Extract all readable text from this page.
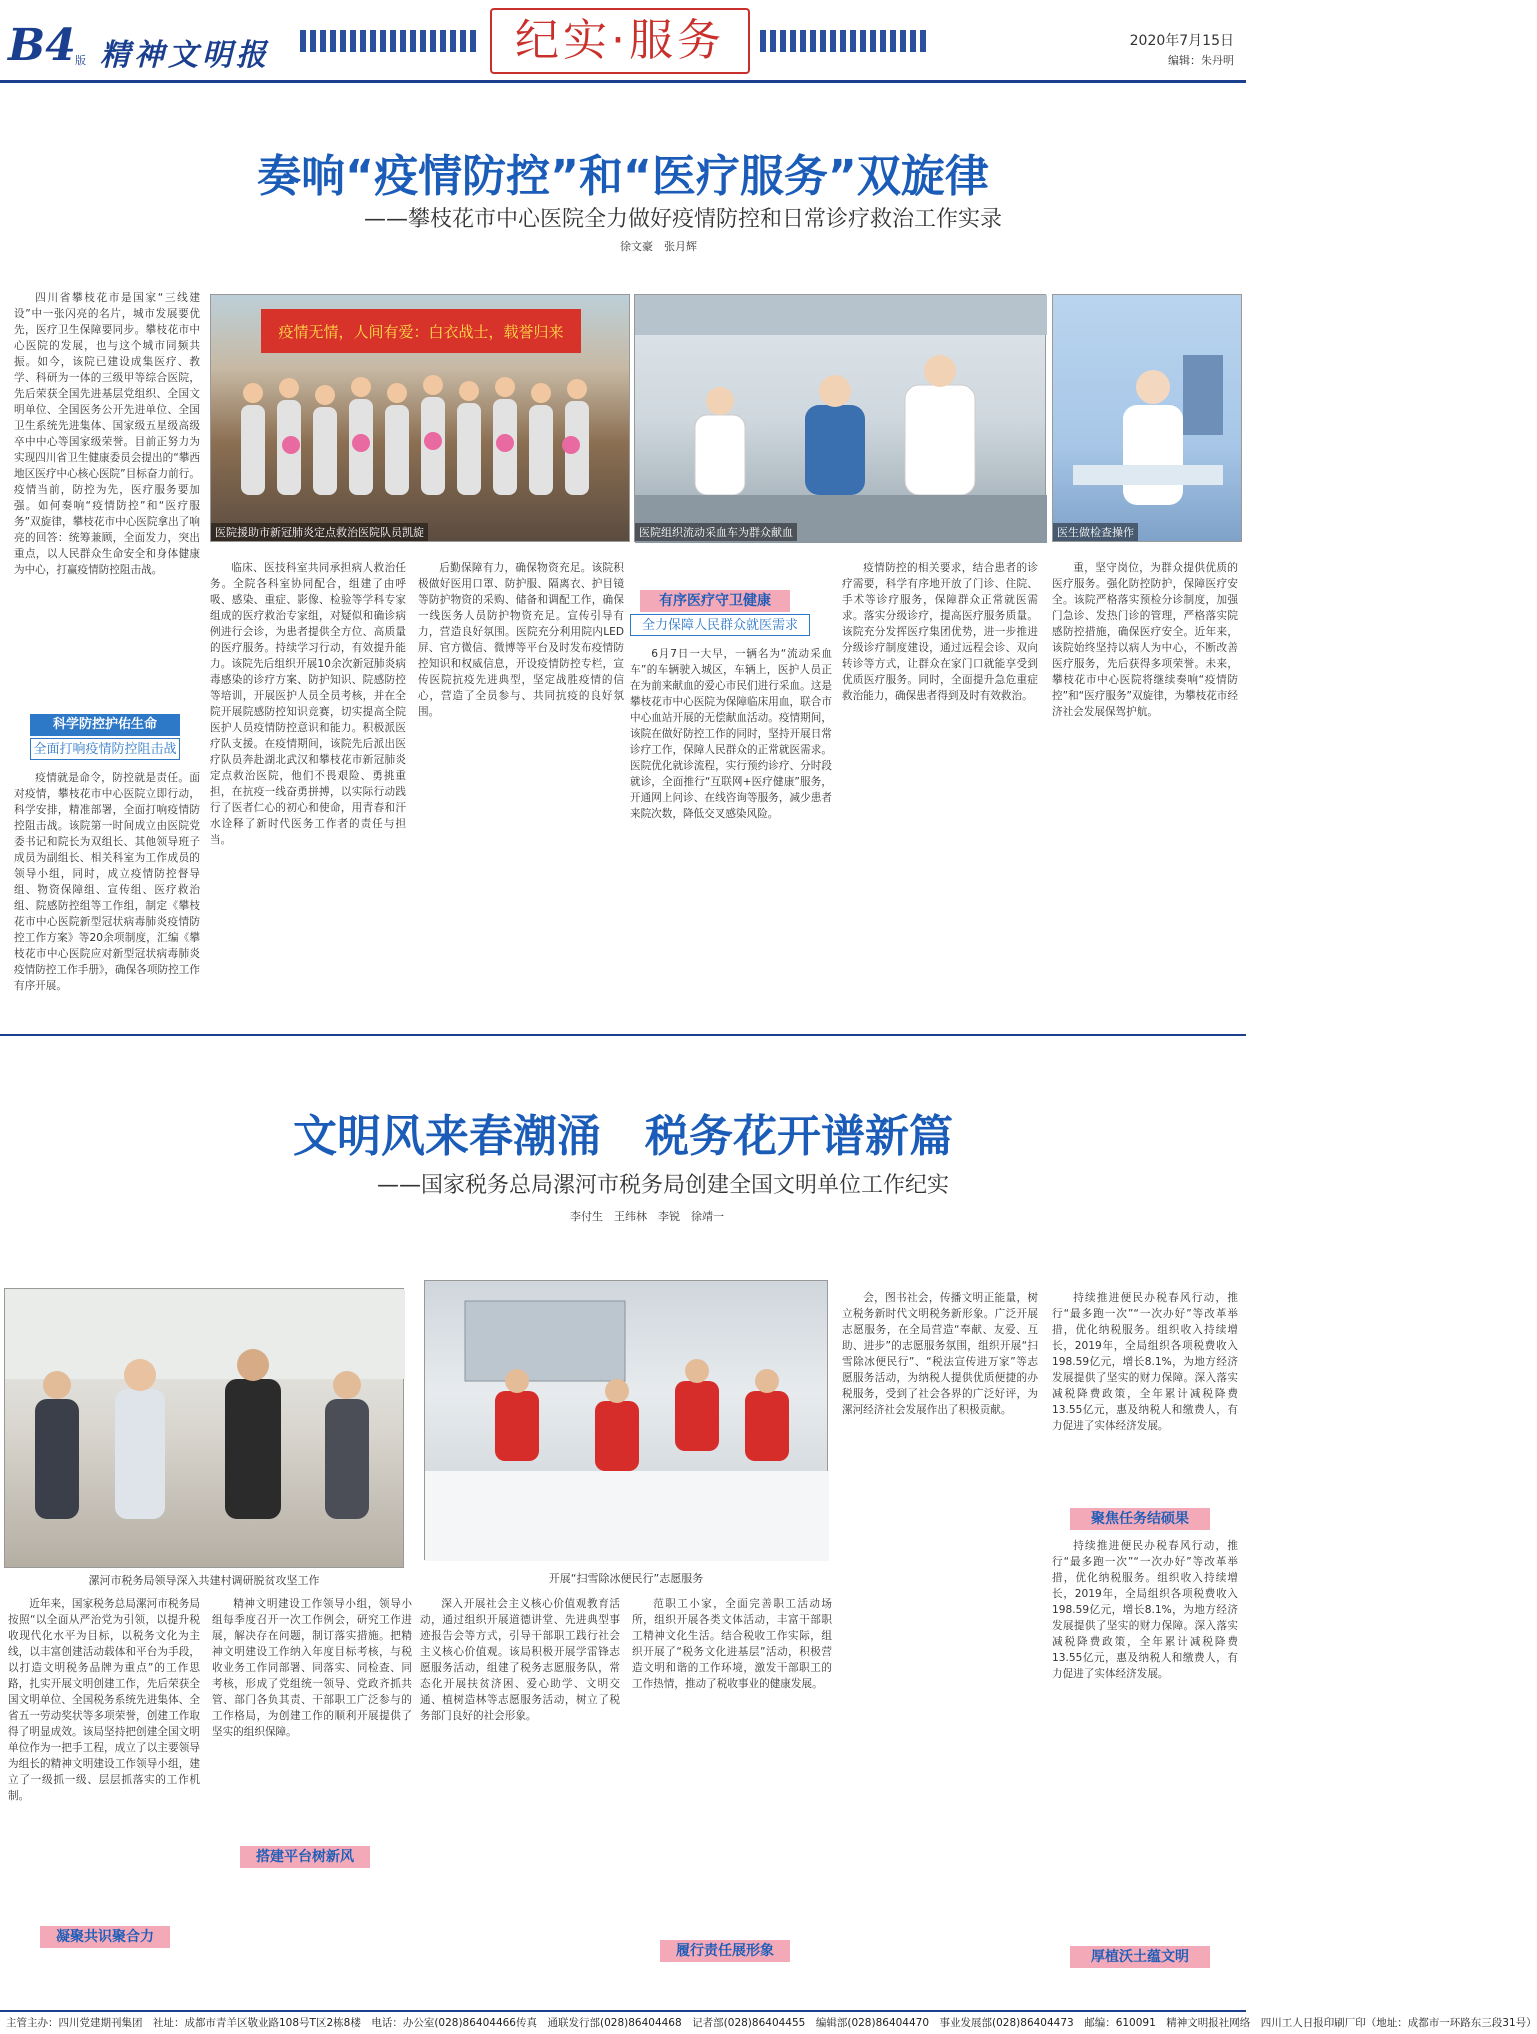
B4 版 精神文明报	纪实·服务	2020年7月15日
编辑：朱丹明
奏响“疫情防控”和“医疗服务”双旋律
——攀枝花市中心医院全力做好疫情防控和日常诊疗救治工作实录
徐文豪　张月辉

四川省攀枝花市是国家“三线建设”中一张闪亮的名片，城市发展要优先，医疗卫生保障要同步。攀枝花市中心医院的发展，也与这个城市同频共振。如今，该院已建设成集医疗、教学、科研为一体的三级甲等综合医院，先后荣获全国先进基层党组织、全国文明单位、全国医务公开先进单位、全国卫生系统先进集体、国家级五星级高级卒中中心等国家级荣誉。目前正努力为实现四川省卫生健康委员会提出的“攀西地区医疗中心核心医院”目标奋力前行。疫情当前，防控为先，医疗服务要加强。如何奏响“疫情防控”和“医疗服务”双旋律，攀枝花市中心医院拿出了响亮的回答：统筹兼顾，全面发力，突出重点，以人民群众生命安全和身体健康为中心，打赢疫情防控阻击战。

科学防控护佑生命
全面打响疫情防控阻击战

疫情就是命令，防控就是责任。面对疫情，攀枝花市中心医院立即行动，科学安排，精准部署，全面打响疫情防控阻击战。该院第一时间成立由医院党委书记和院长为双组长、其他领导班子成员为副组长、相关科室为工作成员的领导小组，同时，成立疫情防控督导组、物资保障组、宣传组、医疗救治组、院感防控组等工作组，制定《攀枝花市中心医院新型冠状病毒肺炎疫情防控工作方案》等20余项制度，汇编《攀枝花市中心医院应对新型冠状病毒肺炎疫情防控工作手册》，确保各项防控工作有序开展。

疫情无情，人间有爱：白衣战士，载誉归来
医院援助市新冠肺炎定点救治医院队员凯旋	医院组织流动采血车为群众献血	医生做检查操作

临床、医技科室共同承担病人救治任务。全院各科室协同配合，组建了由呼吸、感染、重症、影像、检验等学科专家组成的医疗救治专家组，对疑似和确诊病例进行会诊，为患者提供全方位、高质量的医疗服务。持续学习行动，有效提升能力。该院先后组织开展10余次新冠肺炎病毒感染的诊疗方案、防护知识、院感防控等培训，开展医护人员全员考核，并在全院开展院感防控知识竞赛，切实提高全院医护人员疫情防控意识和能力。积极派医疗队支援。在疫情期间，该院先后派出医疗队员奔赴湖北武汉和攀枝花市新冠肺炎定点救治医院，他们不畏艰险、勇挑重担，在抗疫一线奋勇拼搏，以实际行动践行了医者仁心的初心和使命，用青春和汗水诠释了新时代医务工作者的责任与担当。

后勤保障有力，确保物资充足。该院积极做好医用口罩、防护服、隔离衣、护目镜等防护物资的采购、储备和调配工作，确保一线医务人员防护物资充足。宣传引导有力，营造良好氛围。医院充分利用院内LED屏、官方微信、微博等平台及时发布疫情防控知识和权威信息，开设疫情防控专栏，宣传医院抗疫先进典型，坚定战胜疫情的信心，营造了全员参与、共同抗疫的良好氛围。

有序医疗守卫健康
全力保障人民群众就医需求

6月7日一大早，一辆名为“流动采血车”的车辆驶入城区，车辆上，医护人员正在为前来献血的爱心市民们进行采血。这是攀枝花市中心医院为保障临床用血，联合市中心血站开展的无偿献血活动。疫情期间，该院在做好防控工作的同时，坚持开展日常诊疗工作，保障人民群众的正常就医需求。医院优化就诊流程，实行预约诊疗、分时段就诊，全面推行“互联网+医疗健康”服务，开通网上问诊、在线咨询等服务，减少患者来院次数，降低交叉感染风险。

疫情防控的相关要求，结合患者的诊疗需要，科学有序地开放了门诊、住院、手术等诊疗服务，保障群众正常就医需求。落实分级诊疗，提高医疗服务质量。该院充分发挥医疗集团优势，进一步推进分级诊疗制度建设，通过远程会诊、双向转诊等方式，让群众在家门口就能享受到优质医疗服务。同时，全面提升急危重症救治能力，确保患者得到及时有效救治。

重，坚守岗位，为群众提供优质的医疗服务。强化防控防护，保障医疗安全。该院严格落实预检分诊制度，加强门急诊、发热门诊的管理，严格落实院感防控措施，确保医疗安全。近年来，该院始终坚持以病人为中心，不断改善医疗服务，先后获得多项荣誉。未来，攀枝花市中心医院将继续奏响“疫情防控”和“医疗服务”双旋律，为攀枝花市经济社会发展保驾护航。

文明风来春潮涌　税务花开谱新篇
——国家税务总局漯河市税务局创建全国文明单位工作纪实
李付生　王纬林　李锐　徐靖一
漯河市税务局领导深入共建村调研脱贫攻坚工作	开展“扫雪除冰便民行”志愿服务

近年来，国家税务总局漯河市税务局按照“以全面从严治党为引领，以提升税收现代化水平为目标，以税务文化为主线，以丰富创建活动载体和平台为手段，以打造文明税务品牌为重点”的工作思路，扎实开展文明创建工作，先后荣获全国文明单位、全国税务系统先进集体、全省五一劳动奖状等多项荣誉，创建工作取得了明显成效。该局坚持把创建全国文明单位作为一把手工程，成立了以主要领导为组长的精神文明建设工作领导小组，建立了一级抓一级、层层抓落实的工作机制。

凝聚共识聚合力

精神文明建设工作领导小组，领导小组每季度召开一次工作例会，研究工作进展，解决存在问题，制订落实措施。把精神文明建设工作纳入年度目标考核，与税收业务工作同部署、同落实、同检查、同考核，形成了党组统一领导、党政齐抓共管、部门各负其责、干部职工广泛参与的工作格局，为创建工作的顺利开展提供了坚实的组织保障。

搭建平台树新风

深入开展社会主义核心价值观教育活动，通过组织开展道德讲堂、先进典型事迹报告会等方式，引导干部职工践行社会主义核心价值观。该局积极开展学雷锋志愿服务活动，组建了税务志愿服务队，常态化开展扶贫济困、爱心助学、文明交通、植树造林等志愿服务活动，树立了税务部门良好的社会形象。

范职工小家，全面完善职工活动场所，组织开展各类文体活动，丰富干部职工精神文化生活。结合税收工作实际，组织开展了“税务文化进基层”活动，积极营造文明和谐的工作环境，激发干部职工的工作热情，推动了税收事业的健康发展。

履行责任展形象

会，图书社会，传播文明正能量，树立税务新时代文明税务新形象。广泛开展志愿服务，在全局营造“奉献、友爱、互助、进步”的志愿服务氛围，组织开展“扫雪除冰便民行”、“税法宣传进万家”等志愿服务活动，为纳税人提供优质便捷的办税服务，受到了社会各界的广泛好评，为漯河经济社会发展作出了积极贡献。

持续推进便民办税春风行动，推行“最多跑一次”“一次办好”等改革举措，优化纳税服务。组织收入持续增长，2019年，全局组织各项税费收入198.59亿元，增长8.1%，为地方经济发展提供了坚实的财力保障。深入落实减税降费政策，全年累计减税降费13.55亿元，惠及纳税人和缴费人，有力促进了实体经济发展。

聚焦任务结硕果

持续推进便民办税春风行动，推行“最多跑一次”“一次办好”等改革举措，优化纳税服务。组织收入持续增长，2019年，全局组织各项税费收入198.59亿元，增长8.1%，为地方经济发展提供了坚实的财力保障。深入落实减税降费政策，全年累计减税降费13.55亿元，惠及纳税人和缴费人，有力促进了实体经济发展。

厚植沃土蕴文明
主管主办：四川党建期刊集团　社址：成都市青羊区敬业路108号T区2栋8楼　电话：办公室(028)86404466传真　通联发行部(028)86404468　记者部(028)86404455　编辑部(028)86404470　事业发展部(028)86404473　邮编：610091　精神文明报社网络　四川工人日报印刷厂印（地址：成都市一环路东三段31号）
